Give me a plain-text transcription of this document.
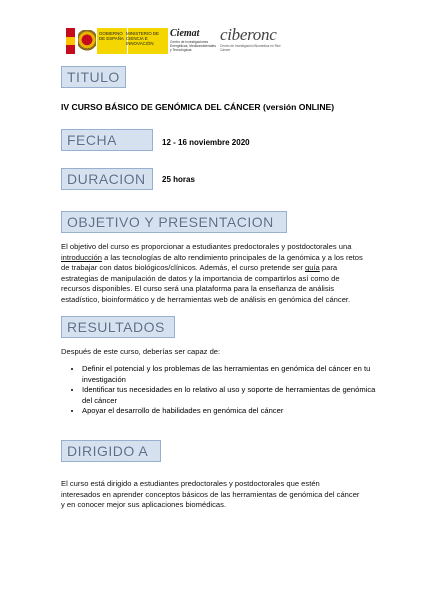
GOBIERNO DE ESPAÑA
MINISTERIO DE CIENCIA E INNOVACIÓN
Ciemat
Centro de Investigaciones Energéticas, Medioambientales y Tecnológicas
ciberonc
Centro de Investigación Biomédica en Red Cáncer
TITULO
IV CURSO BÁSICO DE GENÓMICA DEL CÁNCER (versión ONLINE)
FECHA	12 - 16 noviembre 2020
DURACION	25 horas
OBJETIVO Y PRESENTACION
El objetivo del curso es proporcionar a estudiantes predoctorales y postdoctorales una introducción a las tecnologías de alto rendimiento principales de la genómica y a los retos de trabajar con datos biológicos/clínicos. Además, el curso pretende ser guía para estrategias de manipulación de datos y la importancia de compartirlos así como de recursos disponibles. El curso será una plataforma para la enseñanza de análisis estadístico, bioinformático y de herramientas web de análisis en genómica del cáncer.
RESULTADOS
Después de este curso, deberías ser capaz de:
• Definir el potencial y los problemas de las herramientas en genómica del cáncer en tu investigación
• Identificar tus necesidades en lo relativo al uso y soporte de herramientas de genómica del cáncer
• Apoyar el desarrollo de habilidades en genómica del cáncer
DIRIGIDO A
El curso está dirigido a estudiantes predoctorales y postdoctorales que estén interesados en aprender conceptos básicos de las herramientas de genómica del cáncer y en conocer mejor sus aplicaciones biomédicas.
